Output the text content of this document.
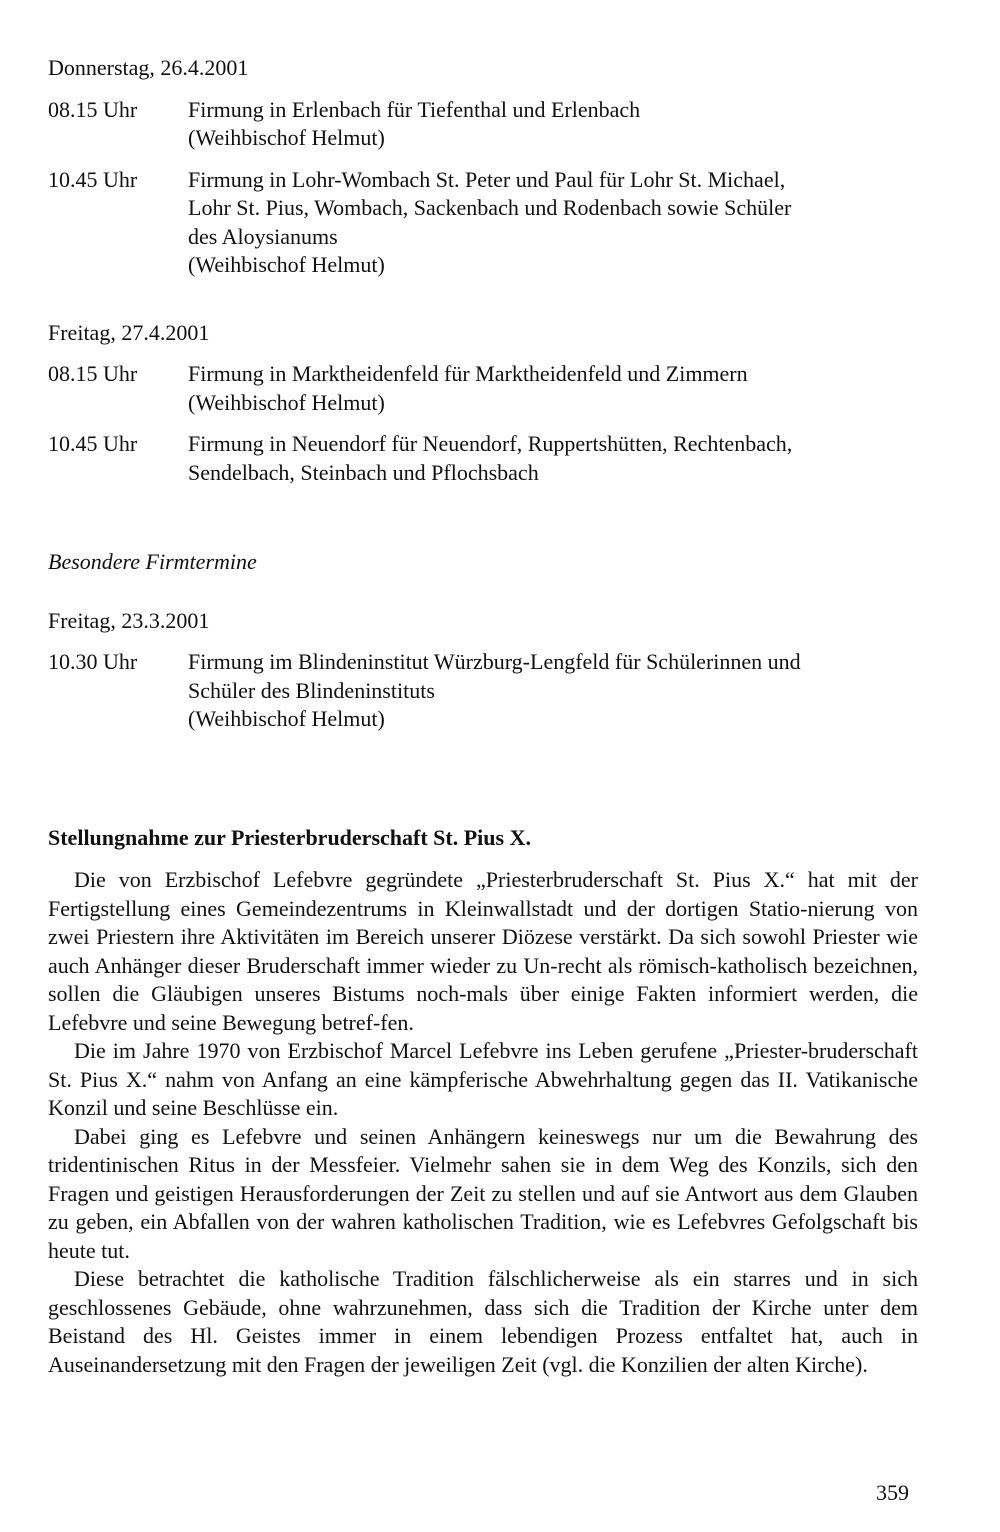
Donnerstag, 26.4.2001
08.15 Uhr	Firmung in Erlenbach für Tiefenthal und Erlenbach
(Weihbischof Helmut)
10.45 Uhr	Firmung in Lohr-Wombach St. Peter und Paul für Lohr St. Michael,
Lohr St. Pius, Wombach, Sackenbach und Rodenbach sowie Schüler
des Aloysianums
(Weihbischof Helmut)
Freitag, 27.4.2001
08.15 Uhr	Firmung in Marktheidenfeld für Marktheidenfeld und Zimmern
(Weihbischof Helmut)
10.45 Uhr	Firmung in Neuendorf für Neuendorf, Ruppertshütten, Rechtenbach,
Sendelbach, Steinbach und Pflochsbach
Besondere Firmtermine
Freitag, 23.3.2001
10.30 Uhr	Firmung im Blindeninstitut Würzburg-Lengfeld für Schülerinnen und
Schüler des Blindeninstituts
(Weihbischof Helmut)
Stellungnahme zur Priesterbruderschaft St. Pius X.

Die von Erzbischof Lefebvre gegründete „Priesterbruderschaft St. Pius X.“ hat mit der Fertigstellung eines Gemeindezentrums in Kleinwallstadt und der dortigen Statio-nierung von zwei Priestern ihre Aktivitäten im Bereich unserer Diözese verstärkt. Da sich sowohl Priester wie auch Anhänger dieser Bruderschaft immer wieder zu Un-recht als römisch-katholisch bezeichnen, sollen die Gläubigen unseres Bistums noch-mals über einige Fakten informiert werden, die Lefebvre und seine Bewegung betref-fen.

Die im Jahre 1970 von Erzbischof Marcel Lefebvre ins Leben gerufene „Priester-bruderschaft St. Pius X.“ nahm von Anfang an eine kämpferische Abwehrhaltung gegen das II. Vatikanische Konzil und seine Beschlüsse ein.

Dabei ging es Lefebvre und seinen Anhängern keineswegs nur um die Bewahrung des tridentinischen Ritus in der Messfeier. Vielmehr sahen sie in dem Weg des Konzils, sich den Fragen und geistigen Herausforderungen der Zeit zu stellen und auf sie Antwort aus dem Glauben zu geben, ein Abfallen von der wahren katholischen Tradition, wie es Lefebvres Gefolgschaft bis heute tut.

Diese betrachtet die katholische Tradition fälschlicherweise als ein starres und in sich geschlossenes Gebäude, ohne wahrzunehmen, dass sich die Tradition der Kirche unter dem Beistand des Hl. Geistes immer in einem lebendigen Prozess entfaltet hat, auch in Auseinandersetzung mit den Fragen der jeweiligen Zeit (vgl. die Konzilien der alten Kirche).

359
